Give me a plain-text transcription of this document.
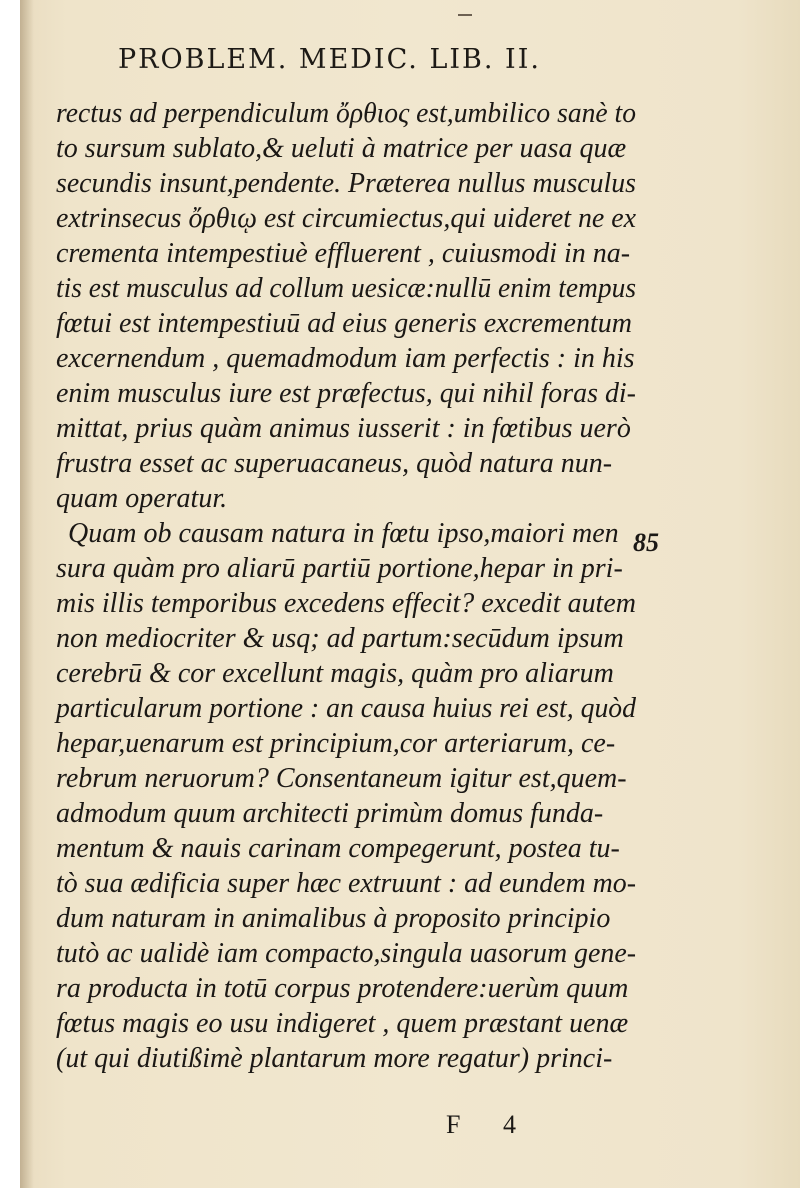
PROBLEM. MEDIC. LIB. II.
rectus ad perpendiculum ὄρθιος est,umbilico sanè to
to sursum sublato,& ueluti à matrice per uasa quæ
secundis insunt,pendente. Præterea nullus musculus
extrinsecus ὄρθιῳ est circumiectus,qui uideret ne ex
crementa intempestiuè effluerent , cuiusmodi in na-
tis est musculus ad collum uesicæ:nullū enim tempus
fœtui est intempestiuū ad eius generis excrementum
excernendum , quemadmodum iam perfectis : in his
enim musculus iure est præfectus, qui nihil foras di-
mittat, prius quàm animus iusserit : in fœtibus uerò
frustra esset ac superuacaneus, quòd natura nun-
quam operatur.
Quam ob causam natura in fœtu ipso,maiori men
sura quàm pro aliarū partiū portione,hepar in pri-
mis illis temporibus excedens effecit? excedit autem
non mediocriter & usq; ad partum:secūdum ipsum
cerebrū & cor excellunt magis, quàm pro aliarum
particularum portione : an causa huius rei est, quòd
hepar,uenarum est principium,cor arteriarum, ce-
rebrum neruorum? Consentaneum igitur est,quem-
admodum quum architecti primùm domus funda-
mentum & nauis carinam compegerunt, postea tu-
tò sua ædificia super hæc extruunt : ad eundem mo-
dum naturam in animalibus à proposito principio
tutò ac ualidè iam compacto,singula uasorum gene-
ra producta in totū corpus protendere:uerùm quum
fœtus magis eo usu indigeret , quem præstant uenæ
(ut qui diutißimè plantarum more regatur) princi-
85
F 4
